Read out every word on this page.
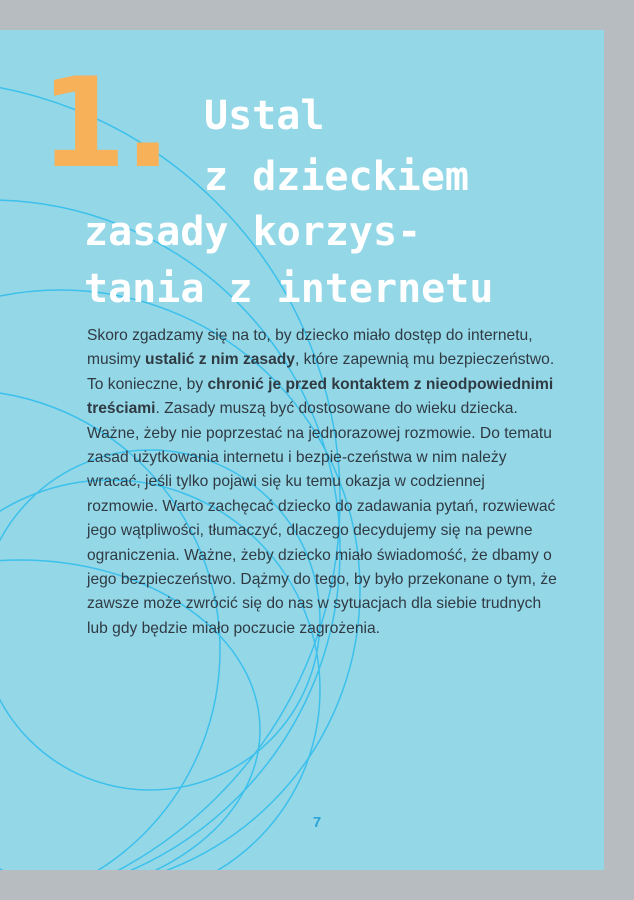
1. Ustal
z dzieckiem
zasady korzys-
tania z internetu

Skoro zgadzamy się na to, by dziecko miało dostęp do internetu, musimy ustalić z nim zasady, które zapewnią mu bezpieczeństwo. To konieczne, by chronić je przed kontaktem z nieodpowiednimi treściami. Zasady muszą być dostosowane do wieku dziecka. Ważne, żeby nie poprzestać na jednorazowej rozmowie. Do tematu zasad użytkowania internetu i bezpie-czeństwa w nim należy wracać, jeśli tylko pojawi się ku temu okazja w codziennej rozmowie. Warto zachęcać dziecko do zadawania pytań, rozwiewać jego wątpliwości, tłumaczyć, dlaczego decydujemy się na pewne ograniczenia. Ważne, żeby dziecko miało świadomość, że dbamy o jego bezpieczeństwo. Dążmy do tego, by było przekonane o tym, że zawsze może zwrócić się do nas w sytuacjach dla siebie trudnych lub gdy będzie miało poczucie zagrożenia.

7
